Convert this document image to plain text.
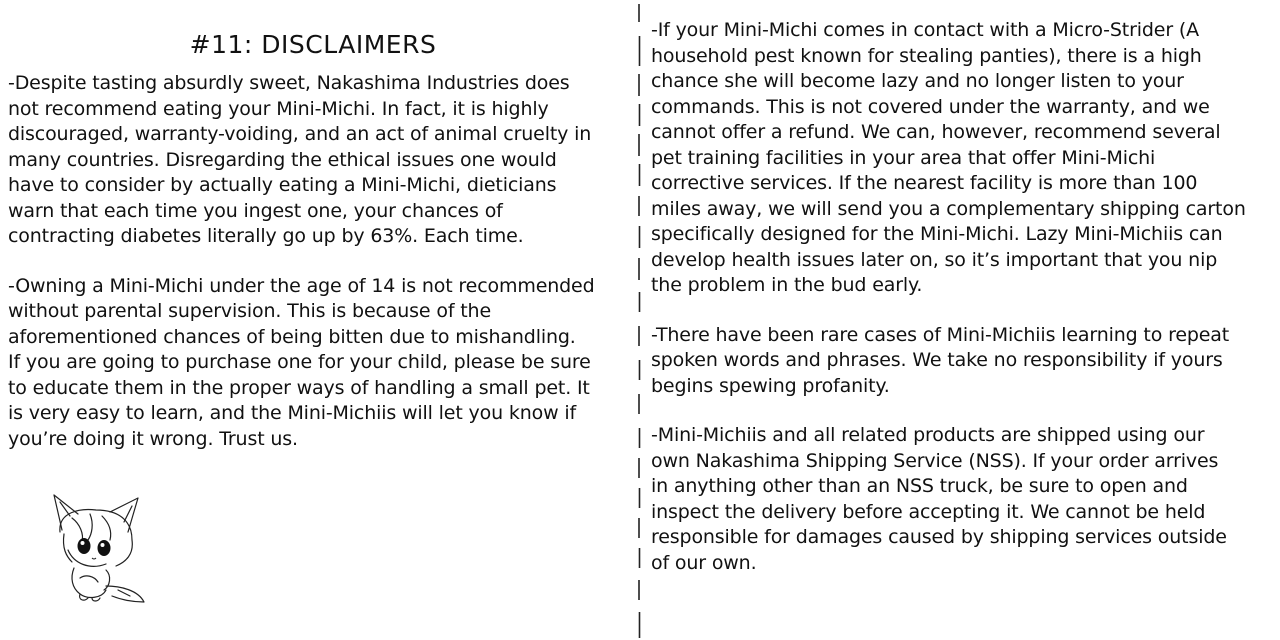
#11: DISCLAIMERS

-Despite tasting absurdly sweet, Nakashima Industries does
not recommend eating your Mini-Michi. In fact, it is highly
discouraged, warranty-voiding, and an act of animal cruelty in
many countries. Disregarding the ethical issues one would
have to consider by actually eating a Mini-Michi, dieticians
warn that each time you ingest one, your chances of
contracting diabetes literally go up by 63%. Each time.

-Owning a Mini-Michi under the age of 14 is not recommended
without parental supervision. This is because of the
aforementioned chances of being bitten due to mishandling.
If you are going to purchase one for your child, please be sure
to educate them in the proper ways of handling a small pet. It
is very easy to learn, and the Mini-Michiis will let you know if
you’re doing it wrong. Trust us.

-If your Mini-Michi comes in contact with a Micro-Strider (A
household pest known for stealing panties), there is a high
chance she will become lazy and no longer listen to your
commands. This is not covered under the warranty, and we
cannot offer a refund. We can, however, recommend several
pet training facilities in your area that offer Mini-Michi
corrective services. If the nearest facility is more than 100
miles away, we will send you a complementary shipping carton
specifically designed for the Mini-Michi. Lazy Mini-Michiis can
develop health issues later on, so it’s important that you nip
the problem in the bud early.

-There have been rare cases of Mini-Michiis learning to repeat
spoken words and phrases. We take no responsibility if yours
begins spewing profanity.

-Mini-Michiis and all related products are shipped using our
own Nakashima Shipping Service (NSS). If your order arrives
in anything other than an NSS truck, be sure to open and
inspect the delivery before accepting it. We cannot be held
responsible for damages caused by shipping services outside
of our own.
